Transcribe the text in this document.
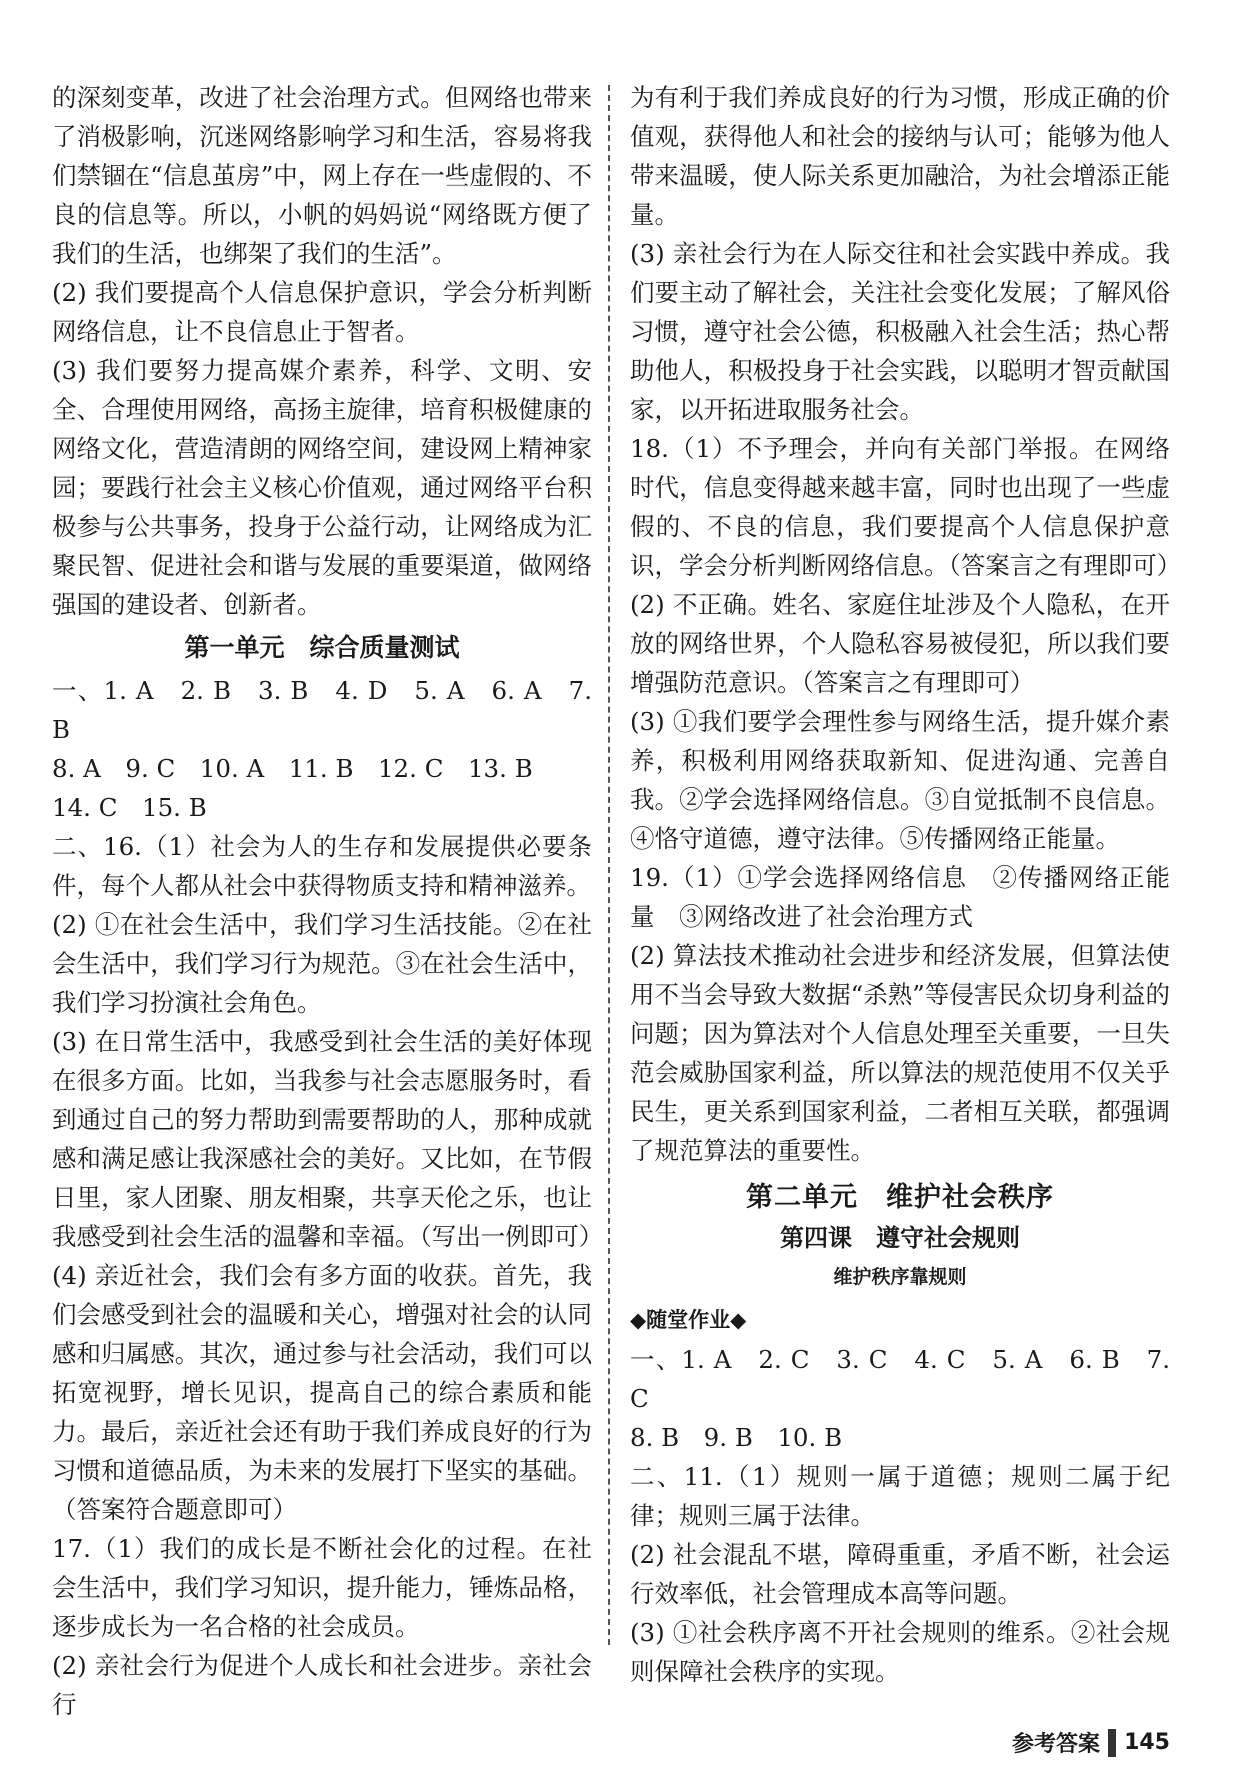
的深刻变革，改进了社会治理方式。但网络也带来了消极影响，沉迷网络影响学习和生活，容易将我们禁锢在“信息茧房”中，网上存在一些虚假的、不良的信息等。所以，小帆的妈妈说“网络既方便了我们的生活，也绑架了我们的生活”。

(2) 我们要提高个人信息保护意识，学会分析判断网络信息，让不良信息止于智者。

(3) 我们要努力提高媒介素养，科学、文明、安全、合理使用网络，高扬主旋律，培育积极健康的网络文化，营造清朗的网络空间，建设网上精神家园；要践行社会主义核心价值观，通过网络平台积极参与公共事务，投身于公益行动，让网络成为汇聚民智、促进社会和谐与发展的重要渠道，做网络强国的建设者、创新者。

第一单元　综合质量测试

一、1. A　2. B　3. B　4. D　5. A　6. A　7. B

8. A　9. C　10. A　11. B　12. C　13. B

14. C　15. B

二、16.（1）社会为人的生存和发展提供必要条件，每个人都从社会中获得物质支持和精神滋养。

(2) ①在社会生活中，我们学习生活技能。②在社会生活中，我们学习行为规范。③在社会生活中，我们学习扮演社会角色。

(3) 在日常生活中，我感受到社会生活的美好体现在很多方面。比如，当我参与社会志愿服务时，看到通过自己的努力帮助到需要帮助的人，那种成就感和满足感让我深感社会的美好。又比如，在节假日里，家人团聚、朋友相聚，共享天伦之乐，也让我感受到社会生活的温馨和幸福。（写出一例即可）

(4) 亲近社会，我们会有多方面的收获。首先，我们会感受到社会的温暖和关心，增强对社会的认同感和归属感。其次，通过参与社会活动，我们可以拓宽视野，增长见识，提高自己的综合素质和能力。最后，亲近社会还有助于我们养成良好的行为习惯和道德品质，为未来的发展打下坚实的基础。（答案符合题意即可）

17.（1）我们的成长是不断社会化的过程。在社会生活中，我们学习知识，提升能力，锤炼品格，逐步成长为一名合格的社会成员。

(2) 亲社会行为促进个人成长和社会进步。亲社会行

为有利于我们养成良好的行为习惯，形成正确的价值观，获得他人和社会的接纳与认可；能够为他人带来温暖，使人际关系更加融洽，为社会增添正能量。

(3) 亲社会行为在人际交往和社会实践中养成。我们要主动了解社会，关注社会变化发展；了解风俗习惯，遵守社会公德，积极融入社会生活；热心帮助他人，积极投身于社会实践，以聪明才智贡献国家，以开拓进取服务社会。

18.（1）不予理会，并向有关部门举报。在网络时代，信息变得越来越丰富，同时也出现了一些虚假的、不良的信息，我们要提高个人信息保护意识，学会分析判断网络信息。（答案言之有理即可）

(2) 不正确。姓名、家庭住址涉及个人隐私，在开放的网络世界，个人隐私容易被侵犯，所以我们要增强防范意识。（答案言之有理即可）

(3) ①我们要学会理性参与网络生活，提升媒介素养，积极利用网络获取新知、促进沟通、完善自我。②学会选择网络信息。③自觉抵制不良信息。④恪守道德，遵守法律。⑤传播网络正能量。

19.（1）①学会选择网络信息　②传播网络正能量　③网络改进了社会治理方式

(2) 算法技术推动社会进步和经济发展，但算法使用不当会导致大数据“杀熟”等侵害民众切身利益的问题；因为算法对个人信息处理至关重要，一旦失范会威胁国家利益，所以算法的规范使用不仅关乎民生，更关系到国家利益，二者相互关联，都强调了规范算法的重要性。

第二单元　维护社会秩序
第四课　遵守社会规则
维护秩序靠规则
◆随堂作业◆

一、1. A　2. C　3. C　4. C　5. A　6. B　7. C

8. B　9. B　10. B

二、11.（1）规则一属于道德；规则二属于纪律；规则三属于法律。

(2) 社会混乱不堪，障碍重重，矛盾不断，社会运行效率低，社会管理成本高等问题。

(3) ①社会秩序离不开社会规则的维系。②社会规则保障社会秩序的实现。

参考答案 145
